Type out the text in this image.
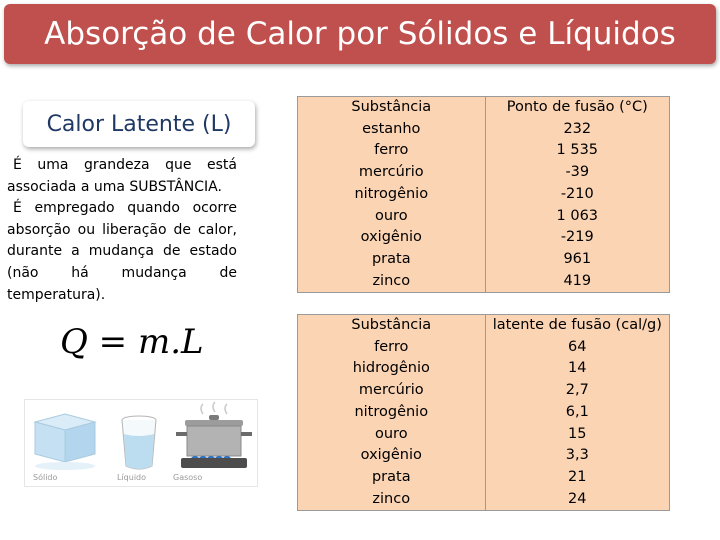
Absorção de Calor por Sólidos e Líquidos
Calor Latente (L)

É uma grandeza que está associada a uma SUBSTÂNCIA.

É empregado quando ocorre absorção ou liberação de calor, durante a mudança de estado (não há mudança de temperatura).

Q = m.L
Sólido	Líquido	Gasoso
Substância	Ponto de fusão (°C)
estanho	232
ferro	1 535
mercúrio	-39
nitrogênio	-210
ouro	1 063
oxigênio	-219
prata	961
zinco	419
Substância	latente de fusão (cal/g)
ferro	64
hidrogênio	14
mercúrio	2,7
nitrogênio	6,1
ouro	15
oxigênio	3,3
prata	21
zinco	24
